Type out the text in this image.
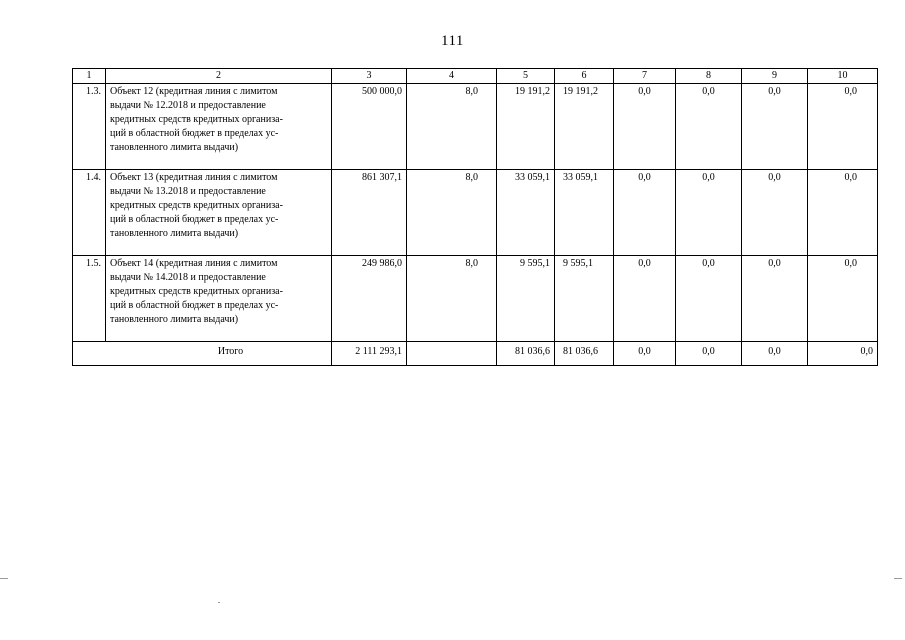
111
1	2	3	4	5	6	7	8	9	10
1.3.	Объект 12 (кредитная линия с лимитом
выдачи № 12.2018 и предоставление
кредитных средств кредитных организа-
ций в областной бюджет в пределах ус-
тановленного лимита выдачи)	500 000,0	8,0	19 191,2	19 191,2	0,0	0,0	0,0	0,0
1.4.	Объект 13 (кредитная линия с лимитом
выдачи № 13.2018 и предоставление
кредитных средств кредитных организа-
ций в областной бюджет в пределах ус-
тановленного лимита выдачи)	861 307,1	8,0	33 059,1	33 059,1	0,0	0,0	0,0	0,0
1.5.	Объект 14 (кредитная линия с лимитом
выдачи № 14.2018 и предоставление
кредитных средств кредитных организа-
ций в областной бюджет в пределах ус-
тановленного лимита выдачи)	249 986,0	8,0	9 595,1	9 595,1	0,0	0,0	0,0	0,0
Итого		2 111 293,1		81 036,6	81 036,6	0,0	0,0	0,0	0,0
